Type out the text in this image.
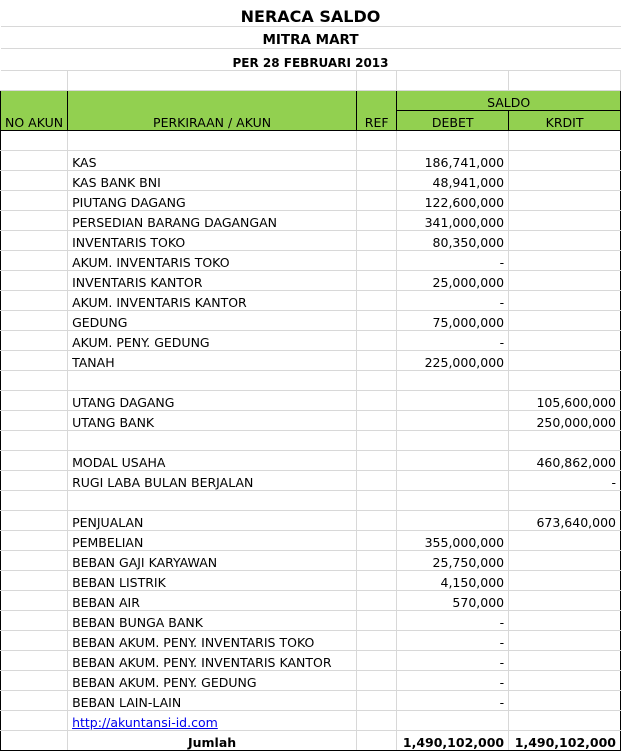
NERACA SALDO				
MITRA MART				
PER 28 FEBRUARI 2013				

NO AKUN	PERKIRAAN / AKUN	REF	SALDO	
			DEBET	KRDIT

	KAS		186,741,000	
	KAS BANK BNI		48,941,000	
	PIUTANG DAGANG		122,600,000	
	PERSEDIAN BARANG DAGANGAN		341,000,000	
	INVENTARIS TOKO		80,350,000	
	AKUM. INVENTARIS TOKO		-	
	INVENTARIS KANTOR		25,000,000	
	AKUM. INVENTARIS KANTOR		-	
	GEDUNG		75,000,000	
	AKUM. PENY. GEDUNG		-	
	TANAH		225,000,000	

	UTANG DAGANG			105,600,000
	UTANG BANK			250,000,000

	MODAL USAHA			460,862,000
	RUGI LABA BULAN BERJALAN			-

	PENJUALAN			673,640,000
	PEMBELIAN		355,000,000	
	BEBAN GAJI KARYAWAN		25,750,000	
	BEBAN LISTRIK		4,150,000	
	BEBAN AIR		570,000	
	BEBAN BUNGA BANK		-	
	BEBAN AKUM. PENY. INVENTARIS TOKO		-	
	BEBAN AKUM. PENY. INVENTARIS KANTOR		-	
	BEBAN AKUM. PENY. GEDUNG		-	
	BEBAN LAIN-LAIN		-	
	http://akuntansi-id.com			
	Jumlah		1,490,102,000	1,490,102,000
